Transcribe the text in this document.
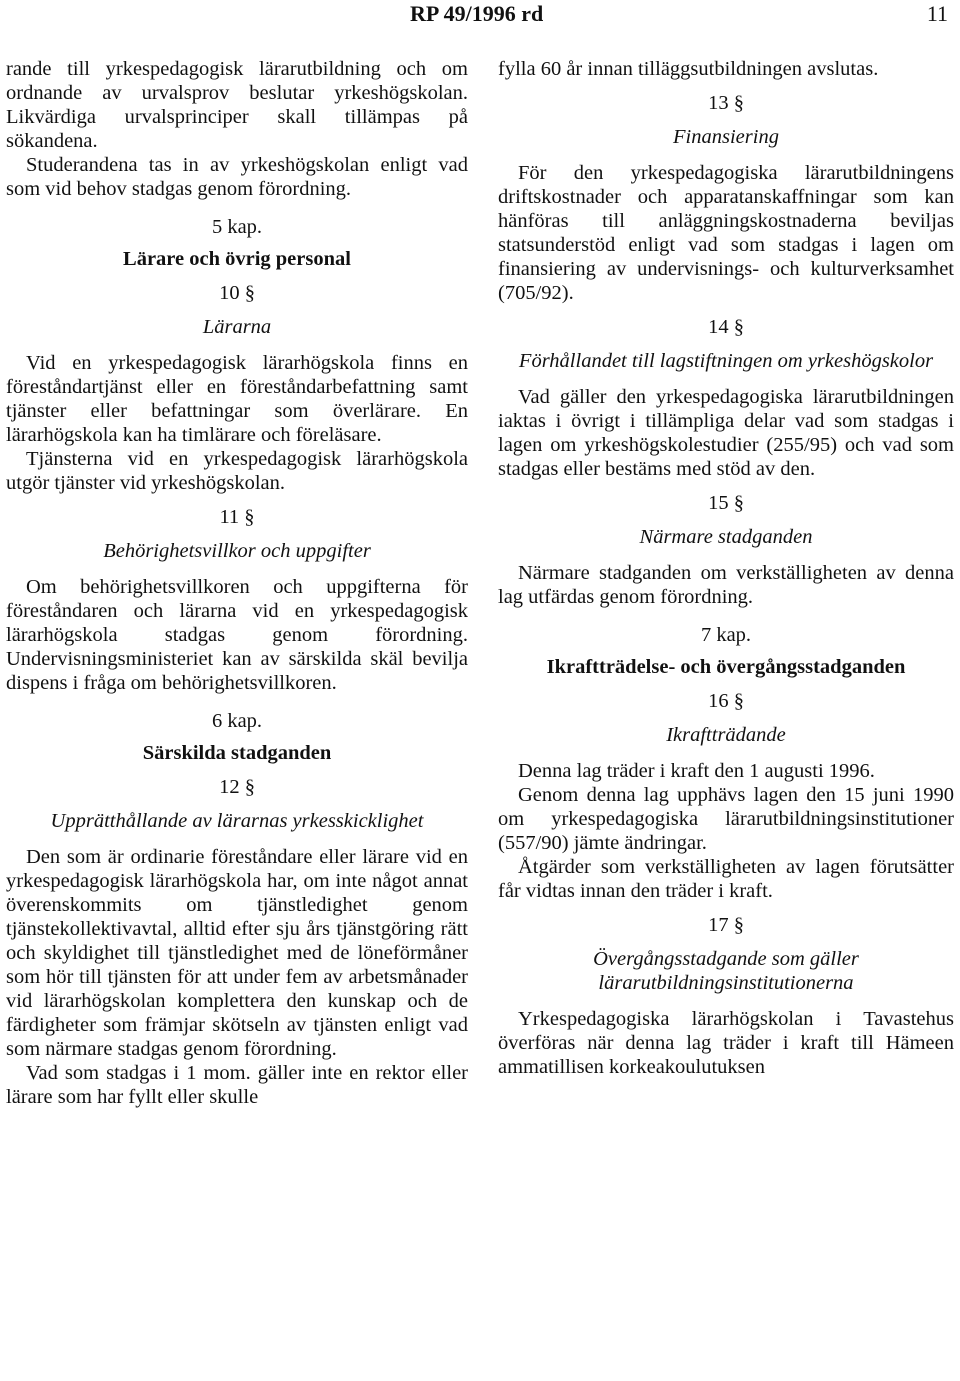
RP 49/1996 rd	11

rande till yrkespedagogisk lärarutbildning och om ordnande av urvalsprov beslutar yrkeshögskolan. Likvärdiga urvalsprinciper skall tillämpas på sökandena.

Studerandena tas in av yrkeshögskolan enligt vad som vid behov stadgas genom förordning.

5 kap.
Lärare och övrig personal
10 §
Lärarna

Vid en yrkespedagogisk lärarhögskola finns en föreståndartjänst eller en föreståndarbefattning samt tjänster eller befattningar som överlärare. En lärarhögskola kan ha timlärare och föreläsare.

Tjänsterna vid en yrkespedagogisk lärarhögskola utgör tjänster vid yrkeshögskolan.

11 §
Behörighetsvillkor och uppgifter

Om behörighetsvillkoren och uppgifterna för föreståndaren och lärarna vid en yrkespedagogisk lärarhögskola stadgas genom förordning. Undervisningsministeriet kan av särskilda skäl bevilja dispens i fråga om behörighetsvillkoren.

6 kap.
Särskilda stadganden
12 §
Upprätthållande av lärarnas yrkesskicklighet

Den som är ordinarie föreståndare eller lärare vid en yrkespedagogisk lärarhögskola har, om inte något annat överenskommits om tjänstledighet genom tjänstekollektivavtal, alltid efter sju års tjänstgöring rätt och skyldighet till tjänstledighet med de löneförmåner som hör till tjänsten för att under fem av arbetsmånader vid lärarhögskolan komplettera den kunskap och de färdigheter som främjar skötseln av tjänsten enligt vad som närmare stadgas genom förordning.

Vad som stadgas i 1 mom. gäller inte en rektor eller lärare som har fyllt eller skulle

fylla 60 år innan tilläggsutbildningen avslutas.

13 §
Finansiering

För den yrkespedagogiska lärarutbildningens driftskostnader och apparatanskaffningar som kan hänföras till anläggningskostnaderna beviljas statsunderstöd enligt vad som stadgas i lagen om finansiering av undervisnings- och kulturverksamhet (705/92).

14 §
Förhållandet till lagstiftningen om yrkeshögskolor

Vad gäller den yrkespedagogiska lärarutbildningen iaktas i övrigt i tillämpliga delar vad som stadgas i lagen om yrkeshögskolestudier (255/95) och vad som stadgas eller bestäms med stöd av den.

15 §
Närmare stadganden

Närmare stadganden om verkställigheten av denna lag utfärdas genom förordning.

7 kap.
Ikraftträdelse- och övergångsstadganden
16 §
Ikraftträdande

Denna lag träder i kraft den 1 augusti 1996.

Genom denna lag upphävs lagen den 15 juni 1990 om yrkespedagogiska lärarutbildningsinstitutioner (557/90) jämte ändringar.

Åtgärder som verkställigheten av lagen förutsätter får vidtas innan den träder i kraft.

17 §
Övergångsstadgande som gäller lärarutbildningsinstitutionerna

Yrkespedagogiska lärarhögskolan i Tavastehus överföras när denna lag träder i kraft till Hämeen ammatillisen korkeakoulutuksen
